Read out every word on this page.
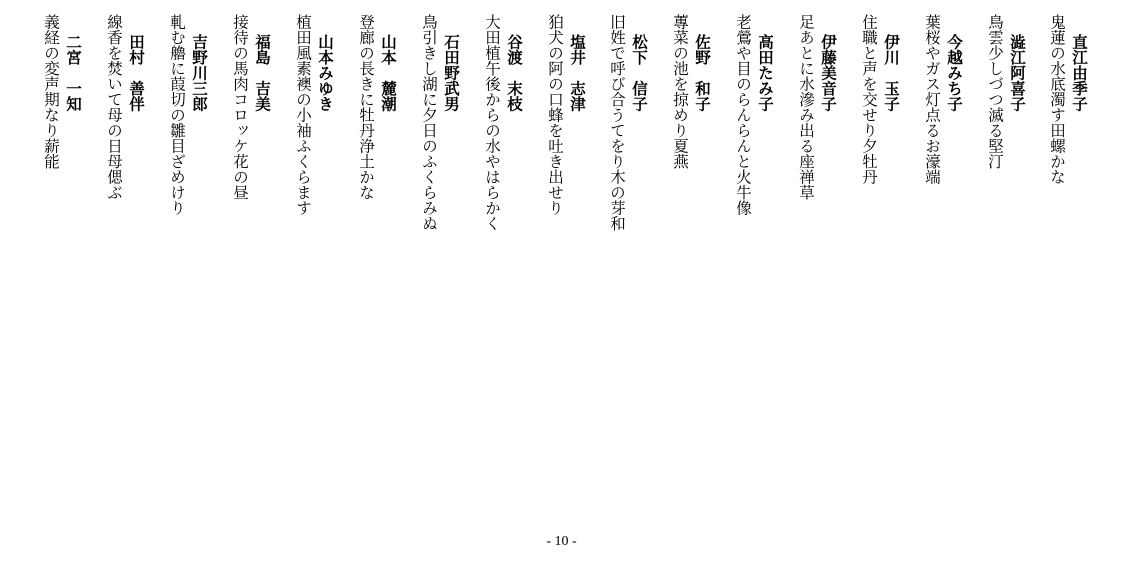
直江由季子
鬼蓮の水底濁す田螺かな
澁江阿喜子
鳥雲少しづつ滅る堅汀
今越みち子
葉桜やガス灯点るお濠端
伊川　玉子
住職と声を交せり夕牡丹
伊藤美音子
足あとに水滲み出る座禅草
高田たみ子
老鶯や目のらんらんと火牛像
佐野　和子
蓴菜の池を掠めり夏燕
松下　信子
旧姓で呼び合うてをり木の芽和
塩井　志津
狛犬の阿の口蜂を吐き出せり
谷渡　末枝
大田植午後からの水やはらかく
石田野武男
鳥引きし湖に夕日のふくらみぬ
山本　麓潮
登廊の長きに牡丹浄土かな
山本みゆき
植田風素襖の小袖ふくらます
福島　吉美
接待の馬肉コロッケ花の昼
吉野川三郎
軋む艪に葭切の雛目ざめけり
田村　善伴
線香を焚いて母の日母偲ぶ
二宮　一知
義経の変声期なり薪能
- 10 -
